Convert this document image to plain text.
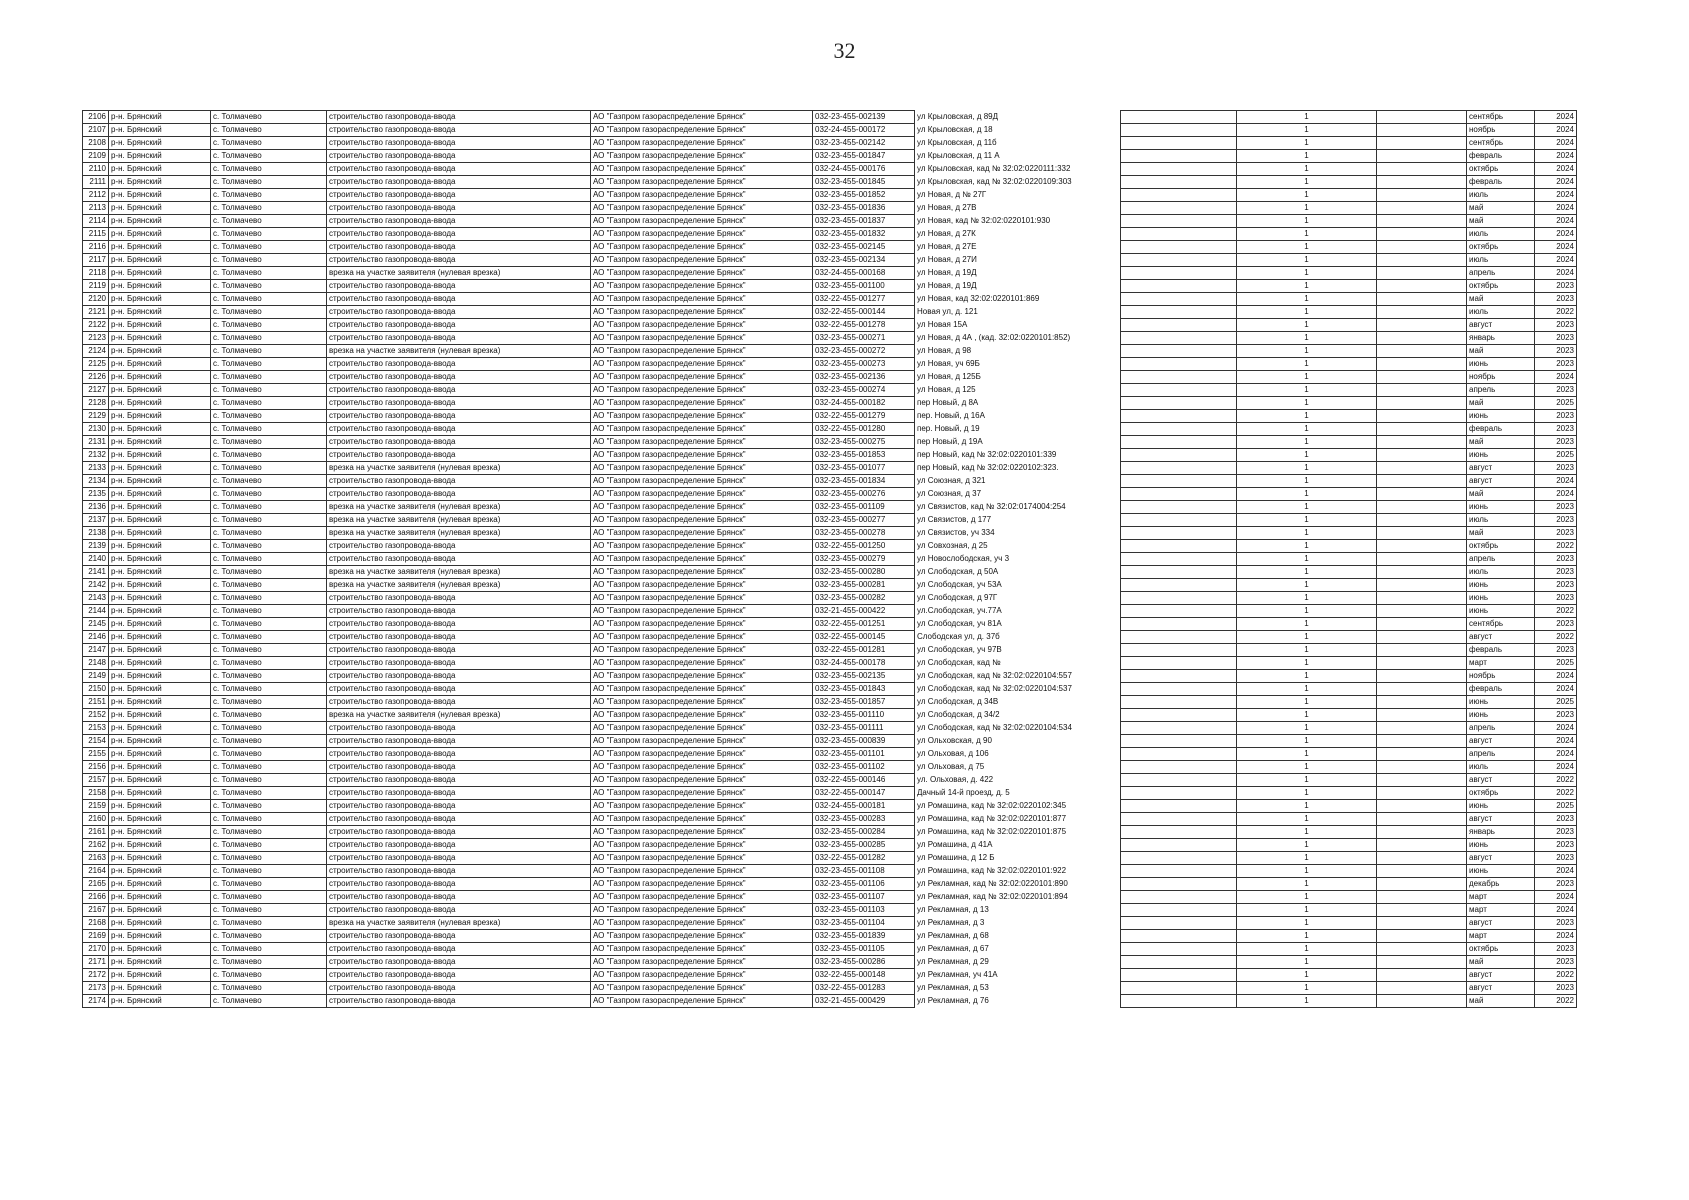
32
2106	р-н. Брянский	с. Толмачево	строительство газопровода-ввода	АО "Газпром газораспределение Брянск"	032-23-455-002139	ул Крыловская, д 89Д		1		сентябрь	2024
2107	р-н. Брянский	с. Толмачево	строительство газопровода-ввода	АО "Газпром газораспределение Брянск"	032-24-455-000172	ул Крыловская, д 18		1		ноябрь	2024
2108	р-н. Брянский	с. Толмачево	строительство газопровода-ввода	АО "Газпром газораспределение Брянск"	032-23-455-002142	ул Крыловская, д 11б		1		сентябрь	2024
2109	р-н. Брянский	с. Толмачево	строительство газопровода-ввода	АО "Газпром газораспределение Брянск"	032-23-455-001847	ул Крыловская, д 11 А		1		февраль	2024
2110	р-н. Брянский	с. Толмачево	строительство газопровода-ввода	АО "Газпром газораспределение Брянск"	032-24-455-000176	ул Крыловская, кад № 32:02:0220111:332		1		октябрь	2024
2111	р-н. Брянский	с. Толмачево	строительство газопровода-ввода	АО "Газпром газораспределение Брянск"	032-23-455-001845	ул Крыловская, кад № 32:02:0220109:303		1		февраль	2024
2112	р-н. Брянский	с. Толмачево	строительство газопровода-ввода	АО "Газпром газораспределение Брянск"	032-23-455-001852	ул Новая, д № 27Г		1		июль	2024
2113	р-н. Брянский	с. Толмачево	строительство газопровода-ввода	АО "Газпром газораспределение Брянск"	032-23-455-001836	ул Новая, д 27В		1		май	2024
2114	р-н. Брянский	с. Толмачево	строительство газопровода-ввода	АО "Газпром газораспределение Брянск"	032-23-455-001837	ул Новая, кад № 32:02:0220101:930		1		май	2024
2115	р-н. Брянский	с. Толмачево	строительство газопровода-ввода	АО "Газпром газораспределение Брянск"	032-23-455-001832	ул Новая, д 27К		1		июль	2024
2116	р-н. Брянский	с. Толмачево	строительство газопровода-ввода	АО "Газпром газораспределение Брянск"	032-23-455-002145	ул Новая, д 27Е		1		октябрь	2024
2117	р-н. Брянский	с. Толмачево	строительство газопровода-ввода	АО "Газпром газораспределение Брянск"	032-23-455-002134	ул Новая, д 27И		1		июль	2024
2118	р-н. Брянский	с. Толмачево	врезка на участке заявителя (нулевая врезка)	АО "Газпром газораспределение Брянск"	032-24-455-000168	ул Новая, д 19Д		1		апрель	2024
2119	р-н. Брянский	с. Толмачево	строительство газопровода-ввода	АО "Газпром газораспределение Брянск"	032-23-455-001100	ул Новая, д 19Д		1		октябрь	2023
2120	р-н. Брянский	с. Толмачево	строительство газопровода-ввода	АО "Газпром газораспределение Брянск"	032-22-455-001277	ул Новая, кад 32:02:0220101:869		1		май	2023
2121	р-н. Брянский	с. Толмачево	строительство газопровода-ввода	АО "Газпром газораспределение Брянск"	032-22-455-000144	Новая ул, д. 121		1		июль	2022
2122	р-н. Брянский	с. Толмачево	строительство газопровода-ввода	АО "Газпром газораспределение Брянск"	032-22-455-001278	ул Новая 15А		1		август	2023
2123	р-н. Брянский	с. Толмачево	строительство газопровода-ввода	АО "Газпром газораспределение Брянск"	032-23-455-000271	ул Новая, д 4А , (кад. 32:02:0220101:852)		1		январь	2023
2124	р-н. Брянский	с. Толмачево	врезка на участке заявителя (нулевая врезка)	АО "Газпром газораспределение Брянск"	032-23-455-000272	ул Новая, д 98		1		май	2023
2125	р-н. Брянский	с. Толмачево	строительство газопровода-ввода	АО "Газпром газораспределение Брянск"	032-23-455-000273	ул Новая, уч 69Б		1		июнь	2023
2126	р-н. Брянский	с. Толмачево	строительство газопровода-ввода	АО "Газпром газораспределение Брянск"	032-23-455-002136	ул Новая, д 125Б		1		ноябрь	2024
2127	р-н. Брянский	с. Толмачево	строительство газопровода-ввода	АО "Газпром газораспределение Брянск"	032-23-455-000274	ул Новая, д 125		1		апрель	2023
2128	р-н. Брянский	с. Толмачево	строительство газопровода-ввода	АО "Газпром газораспределение Брянск"	032-24-455-000182	пер Новый, д 8А		1		май	2025
2129	р-н. Брянский	с. Толмачево	строительство газопровода-ввода	АО "Газпром газораспределение Брянск"	032-22-455-001279	пер. Новый, д 16А		1		июнь	2023
2130	р-н. Брянский	с. Толмачево	строительство газопровода-ввода	АО "Газпром газораспределение Брянск"	032-22-455-001280	пер. Новый, д 19		1		февраль	2023
2131	р-н. Брянский	с. Толмачево	строительство газопровода-ввода	АО "Газпром газораспределение Брянск"	032-23-455-000275	пер Новый, д 19А		1		май	2023
2132	р-н. Брянский	с. Толмачево	строительство газопровода-ввода	АО "Газпром газораспределение Брянск"	032-23-455-001853	пер Новый, кад № 32:02:0220101:339		1		июнь	2025
2133	р-н. Брянский	с. Толмачево	врезка на участке заявителя (нулевая врезка)	АО "Газпром газораспределение Брянск"	032-23-455-001077	пер Новый, кад № 32:02:0220102:323.		1		август	2023
2134	р-н. Брянский	с. Толмачево	строительство газопровода-ввода	АО "Газпром газораспределение Брянск"	032-23-455-001834	ул Союзная, д 321		1		август	2024
2135	р-н. Брянский	с. Толмачево	строительство газопровода-ввода	АО "Газпром газораспределение Брянск"	032-23-455-000276	ул Союзная, д 37		1		май	2024
2136	р-н. Брянский	с. Толмачево	врезка на участке заявителя (нулевая врезка)	АО "Газпром газораспределение Брянск"	032-23-455-001109	ул Связистов, кад № 32:02:0174004:254		1		июнь	2023
2137	р-н. Брянский	с. Толмачево	врезка на участке заявителя (нулевая врезка)	АО "Газпром газораспределение Брянск"	032-23-455-000277	ул Связистов, д 177		1		июль	2023
2138	р-н. Брянский	с. Толмачево	врезка на участке заявителя (нулевая врезка)	АО "Газпром газораспределение Брянск"	032-23-455-000278	ул Связистов, уч 334		1		май	2023
2139	р-н. Брянский	с. Толмачево	строительство газопровода-ввода	АО "Газпром газораспределение Брянск"	032-22-455-001250	ул Совхозная, д 25		1		октябрь	2022
2140	р-н. Брянский	с. Толмачево	строительство газопровода-ввода	АО "Газпром газораспределение Брянск"	032-23-455-000279	ул Новослободская, уч 3		1		апрель	2023
2141	р-н. Брянский	с. Толмачево	врезка на участке заявителя (нулевая врезка)	АО "Газпром газораспределение Брянск"	032-23-455-000280	ул Слободская, д 50А		1		июль	2023
2142	р-н. Брянский	с. Толмачево	врезка на участке заявителя (нулевая врезка)	АО "Газпром газораспределение Брянск"	032-23-455-000281	ул Слободская, уч 53А		1		июнь	2023
2143	р-н. Брянский	с. Толмачево	строительство газопровода-ввода	АО "Газпром газораспределение Брянск"	032-23-455-000282	ул Слободская, д 97Г		1		июнь	2023
2144	р-н. Брянский	с. Толмачево	строительство газопровода-ввода	АО "Газпром газораспределение Брянск"	032-21-455-000422	ул.Слободская, уч.77А		1		июнь	2022
2145	р-н. Брянский	с. Толмачево	строительство газопровода-ввода	АО "Газпром газораспределение Брянск"	032-22-455-001251	ул Слободская, уч 81А		1		сентябрь	2023
2146	р-н. Брянский	с. Толмачево	строительство газопровода-ввода	АО "Газпром газораспределение Брянск"	032-22-455-000145	Слободская ул, д. 37б		1		август	2022
2147	р-н. Брянский	с. Толмачево	строительство газопровода-ввода	АО "Газпром газораспределение Брянск"	032-22-455-001281	ул Слободская, уч 97В		1		февраль	2023
2148	р-н. Брянский	с. Толмачево	строительство газопровода-ввода	АО "Газпром газораспределение Брянск"	032-24-455-000178	ул Слободская, кад №		1		март	2025
2149	р-н. Брянский	с. Толмачево	строительство газопровода-ввода	АО "Газпром газораспределение Брянск"	032-23-455-002135	ул Слободская, кад № 32:02:0220104:557		1		ноябрь	2024
2150	р-н. Брянский	с. Толмачево	строительство газопровода-ввода	АО "Газпром газораспределение Брянск"	032-23-455-001843	ул Слободская, кад № 32:02:0220104:537		1		февраль	2024
2151	р-н. Брянский	с. Толмачево	строительство газопровода-ввода	АО "Газпром газораспределение Брянск"	032-23-455-001857	ул Слободская, д 34В		1		июнь	2025
2152	р-н. Брянский	с. Толмачево	врезка на участке заявителя (нулевая врезка)	АО "Газпром газораспределение Брянск"	032-23-455-001110	ул Слободская, д 34/2		1		июнь	2023
2153	р-н. Брянский	с. Толмачево	строительство газопровода-ввода	АО "Газпром газораспределение Брянск"	032-23-455-001111	ул Слободская, кад № 32:02:0220104:534		1		апрель	2024
2154	р-н. Брянский	с. Толмачево	строительство газопровода-ввода	АО "Газпром газораспределение Брянск"	032-23-455-000839	ул Ольховская, д 90		1		август	2024
2155	р-н. Брянский	с. Толмачево	строительство газопровода-ввода	АО "Газпром газораспределение Брянск"	032-23-455-001101	ул Ольховая, д 106		1		апрель	2024
2156	р-н. Брянский	с. Толмачево	строительство газопровода-ввода	АО "Газпром газораспределение Брянск"	032-23-455-001102	ул Ольховая, д 75		1		июль	2024
2157	р-н. Брянский	с. Толмачево	строительство газопровода-ввода	АО "Газпром газораспределение Брянск"	032-22-455-000146	ул. Ольховая, д. 422		1		август	2022
2158	р-н. Брянский	с. Толмачево	строительство газопровода-ввода	АО "Газпром газораспределение Брянск"	032-22-455-000147	Дачный 14-й проезд, д. 5		1		октябрь	2022
2159	р-н. Брянский	с. Толмачево	строительство газопровода-ввода	АО "Газпром газораспределение Брянск"	032-24-455-000181	ул Ромашина, кад № 32:02:0220102:345		1		июнь	2025
2160	р-н. Брянский	с. Толмачево	строительство газопровода-ввода	АО "Газпром газораспределение Брянск"	032-23-455-000283	ул Ромашина, кад № 32:02:0220101:877		1		август	2023
2161	р-н. Брянский	с. Толмачево	строительство газопровода-ввода	АО "Газпром газораспределение Брянск"	032-23-455-000284	ул Ромашина, кад № 32:02:0220101:875		1		январь	2023
2162	р-н. Брянский	с. Толмачево	строительство газопровода-ввода	АО "Газпром газораспределение Брянск"	032-23-455-000285	ул Ромашина, д 41А		1		июнь	2023
2163	р-н. Брянский	с. Толмачево	строительство газопровода-ввода	АО "Газпром газораспределение Брянск"	032-22-455-001282	ул Ромашина, д 12 Б		1		август	2023
2164	р-н. Брянский	с. Толмачево	строительство газопровода-ввода	АО "Газпром газораспределение Брянск"	032-23-455-001108	ул Ромашина, кад № 32:02:0220101:922		1		июнь	2024
2165	р-н. Брянский	с. Толмачево	строительство газопровода-ввода	АО "Газпром газораспределение Брянск"	032-23-455-001106	ул Рекламная, кад № 32:02:0220101:890		1		декабрь	2023
2166	р-н. Брянский	с. Толмачево	строительство газопровода-ввода	АО "Газпром газораспределение Брянск"	032-23-455-001107	ул Рекламная, кад № 32:02:0220101:894		1		март	2024
2167	р-н. Брянский	с. Толмачево	строительство газопровода-ввода	АО "Газпром газораспределение Брянск"	032-23-455-001103	ул Рекламная, д 13		1		март	2024
2168	р-н. Брянский	с. Толмачево	врезка на участке заявителя (нулевая врезка)	АО "Газпром газораспределение Брянск"	032-23-455-001104	ул Рекламная, д 3		1		август	2023
2169	р-н. Брянский	с. Толмачево	строительство газопровода-ввода	АО "Газпром газораспределение Брянск"	032-23-455-001839	ул Рекламная, д 68		1		март	2024
2170	р-н. Брянский	с. Толмачево	строительство газопровода-ввода	АО "Газпром газораспределение Брянск"	032-23-455-001105	ул Рекламная, д 67		1		октябрь	2023
2171	р-н. Брянский	с. Толмачево	строительство газопровода-ввода	АО "Газпром газораспределение Брянск"	032-23-455-000286	ул Рекламная, д 29		1		май	2023
2172	р-н. Брянский	с. Толмачево	строительство газопровода-ввода	АО "Газпром газораспределение Брянск"	032-22-455-000148	ул Рекламная, уч 41А		1		август	2022
2173	р-н. Брянский	с. Толмачево	строительство газопровода-ввода	АО "Газпром газораспределение Брянск"	032-22-455-001283	ул Рекламная, д 53		1		август	2023
2174	р-н. Брянский	с. Толмачево	строительство газопровода-ввода	АО "Газпром газораспределение Брянск"	032-21-455-000429	ул Рекламная, д 76		1		май	2022
